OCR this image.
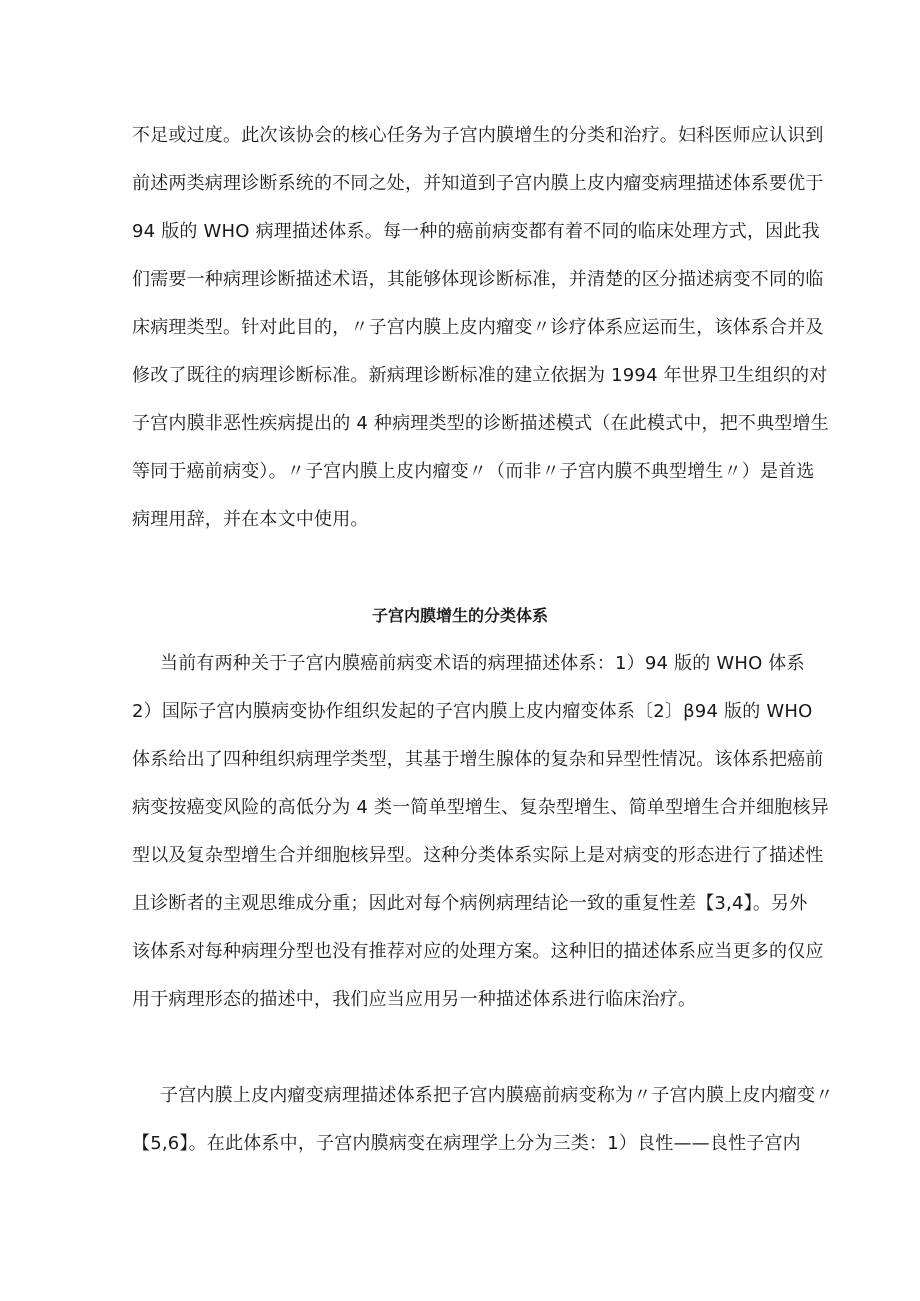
不足或过度。此次该协会的核心任务为子宫内膜增生的分类和治疗。妇科医师应认识到
前述两类病理诊断系统的不同之处，并知道到子宫内膜上皮内瘤变病理描述体系要优于
94 版的 WHO 病理描述体系。每一种的癌前病变都有着不同的临床处理方式，因此我
们需要一种病理诊断描述术语，其能够体现诊断标准，并清楚的区分描述病变不同的临
床病理类型。针对此目的，〃子宫内膜上皮内瘤变〃诊疗体系应运而生，该体系合并及
修改了既往的病理诊断标准。新病理诊断标准的建立依据为 1994 年世界卫生组织的对
子宫内膜非恶性疾病提出的 4 种病理类型的诊断描述模式（在此模式中，把不典型增生
等同于癌前病变）。〃子宫内膜上皮内瘤变〃（而非〃子宫内膜不典型增生〃）是首选
病理用辞，并在本文中使用。
子宫内膜增生的分类体系
当前有两种关于子宫内膜癌前病变术语的病理描述体系：1）94 版的 WHO 体系
2）国际子宫内膜病变协作组织发起的子宫内膜上皮内瘤变体系〔2〕β94 版的 WHO
体系给出了四种组织病理学类型，其基于增生腺体的复杂和异型性情况。该体系把癌前
病变按癌变风险的高低分为 4 类一简单型增生、复杂型增生、简单型增生合并细胞核异
型以及复杂型增生合并细胞核异型。这种分类体系实际上是对病变的形态进行了描述性
且诊断者的主观思维成分重；因此对每个病例病理结论一致的重复性差【3,4】。另外
该体系对每种病理分型也没有推荐对应的处理方案。这种旧的描述体系应当更多的仅应
用于病理形态的描述中，我们应当应用另一种描述体系进行临床治疗。
子宫内膜上皮内瘤变病理描述体系把子宫内膜癌前病变称为〃子宫内膜上皮内瘤变〃
【5,6】。在此体系中，子宫内膜病变在病理学上分为三类：1）良性——良性子宫内
